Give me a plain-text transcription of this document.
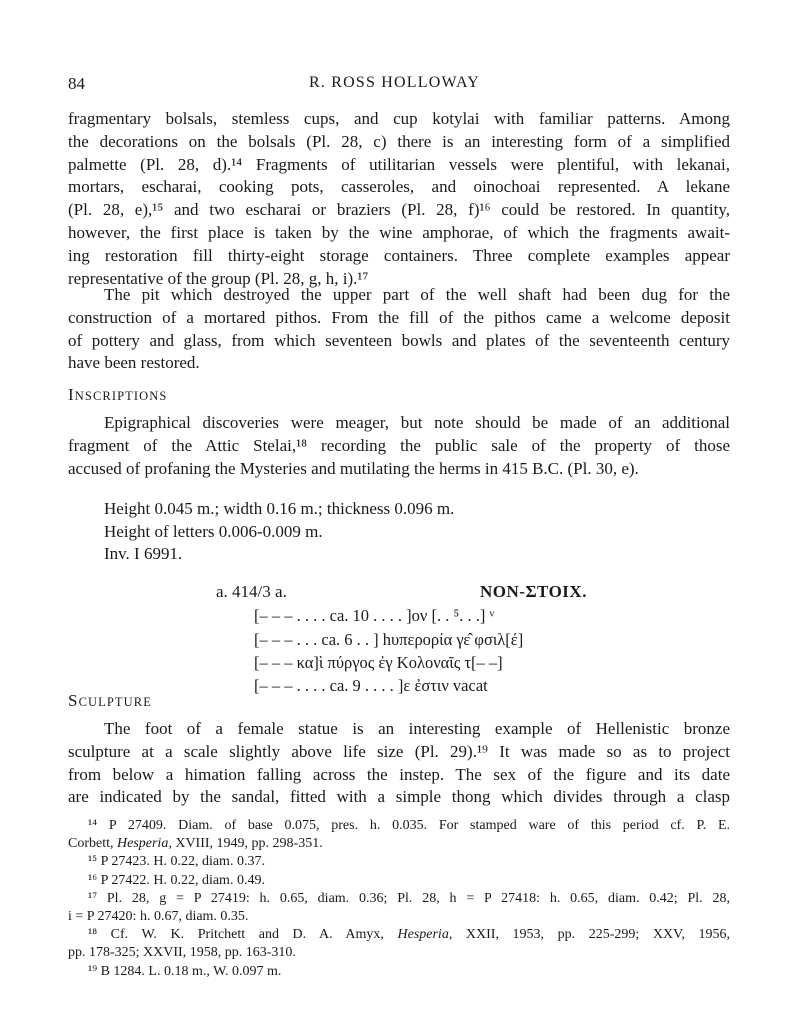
84	R. ROSS HOLLOWAY
fragmentary bolsals, stemless cups, and cup kotylai with familiar patterns. Among
the decorations on the bolsals (Pl. 28, c) there is an interesting form of a simplified
palmette (Pl. 28, d).¹⁴ Fragments of utilitarian vessels were plentiful, with lekanai,
mortars, escharai, cooking pots, casseroles, and oinochoai represented. A lekane
(Pl. 28, e),¹⁵ and two escharai or braziers (Pl. 28, f)¹⁶ could be restored. In quantity,
however, the first place is taken by the wine amphorae, of which the fragments await-
ing restoration fill thirty-eight storage containers. Three complete examples appear
representative of the group (Pl. 28, g, h, i).¹⁷
The pit which destroyed the upper part of the well shaft had been dug for the
construction of a mortared pithos. From the fill of the pithos came a welcome deposit
of pottery and glass, from which seventeen bowls and plates of the seventeenth century
have been restored.
INSCRIPTIONS
Epigraphical discoveries were meager, but note should be made of an additional
fragment of the Attic Stelai,¹⁸ recording the public sale of the property of those
accused of profaning the Mysteries and mutilating the herms in 415 B.C. (Pl. 30, e).
Height 0.045 m.; width 0.16 m.; thickness 0.096 m.
Height of letters 0.006-0.009 m.
Inv. I 6991.
a. 414/3 a.	NON-ΣΤΟΙΧ.
[– – – . . . . ca. 10 . . . . ]ον [. . ⁵. . .] ᵛ
[– – – . . . ca. 6 . . ] hυπερορία γε̂ φσιλ[έ]
[– – – κα]ὶ πύργος ἐγ Κολοναῖς τ[– –]
[– – – . . . . ca. 9 . . . . ]ε ἐστιν vacat
SCULPTURE
The foot of a female statue is an interesting example of Hellenistic bronze
sculpture at a scale slightly above life size (Pl. 29).¹⁹ It was made so as to project
from below a himation falling across the instep. The sex of the figure and its date
are indicated by the sandal, fitted with a simple thong which divides through a clasp
¹⁴ P 27409. Diam. of base 0.075, pres. h. 0.035. For stamped ware of this period cf. P. E.
Corbett, Hesperia, XVIII, 1949, pp. 298-351.
¹⁵ P 27423. H. 0.22, diam. 0.37.
¹⁶ P 27422. H. 0.22, diam. 0.49.
¹⁷ Pl. 28, g = P 27419: h. 0.65, diam. 0.36; Pl. 28, h = P 27418: h. 0.65, diam. 0.42; Pl. 28,
i = P 27420: h. 0.67, diam. 0.35.
¹⁸ Cf. W. K. Pritchett and D. A. Amyx, Hesperia, XXII, 1953, pp. 225-299; XXV, 1956,
pp. 178-325; XXVII, 1958, pp. 163-310.
¹⁹ B 1284. L. 0.18 m., W. 0.097 m.
